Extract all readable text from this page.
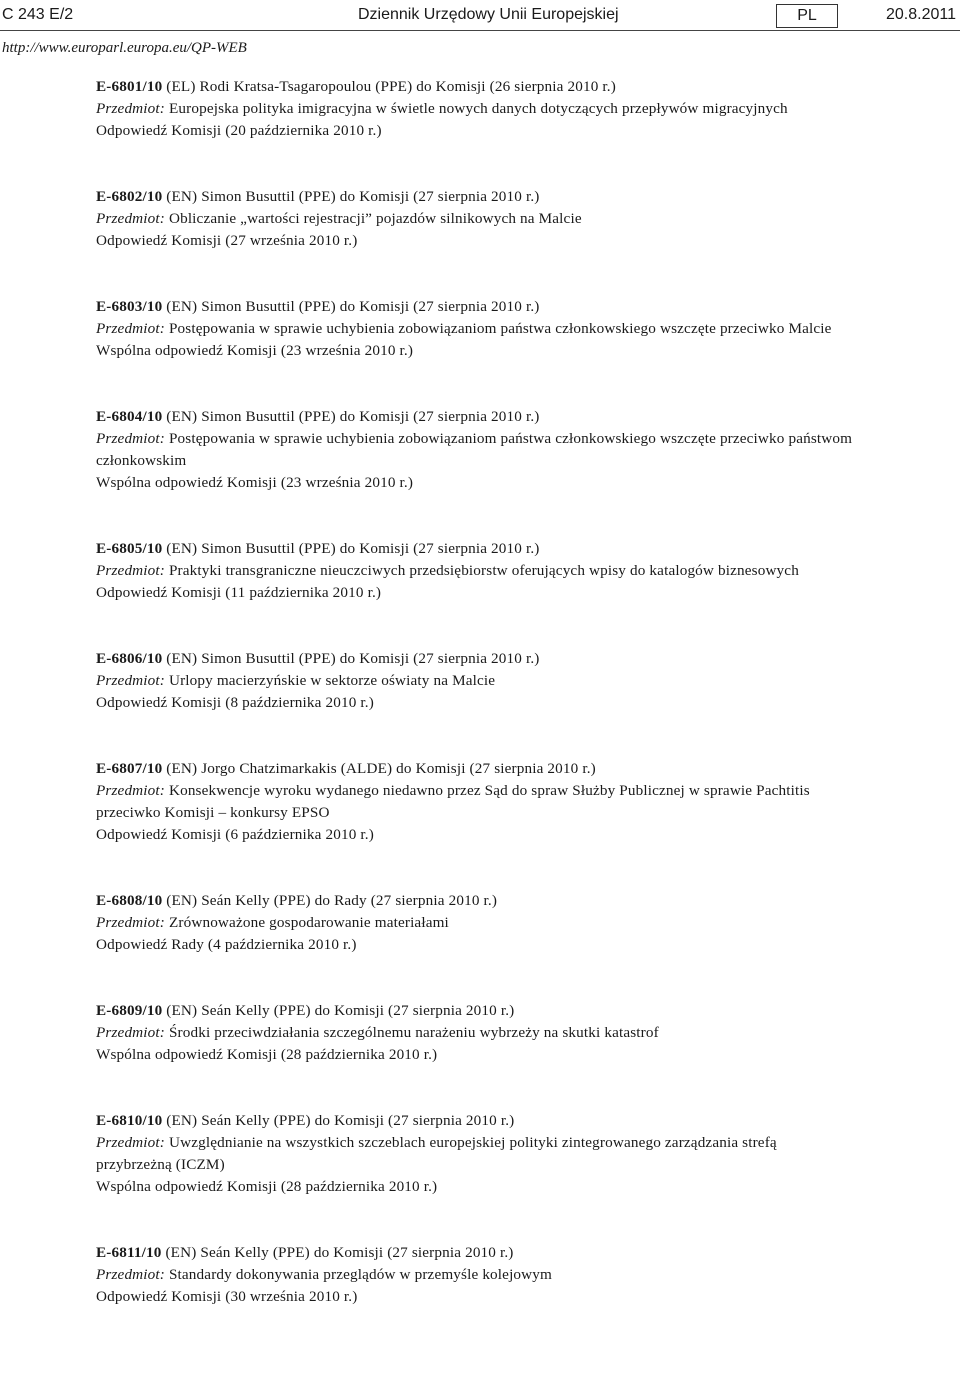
C 243 E/2	Dziennik Urzędowy Unii Europejskiej	PL	20.8.2011
http://www.europarl.europa.eu/QP-WEB

E-6801/10 (EL) Rodi Kratsa-Tsagaropoulou (PPE) do Komisji (26 sierpnia 2010 r.)

Przedmiot: Europejska polityka imigracyjna w świetle nowych danych dotyczących przepływów migracyjnych

Odpowiedź Komisji (20 października 2010 r.)

E-6802/10 (EN) Simon Busuttil (PPE) do Komisji (27 sierpnia 2010 r.)

Przedmiot: Obliczanie „wartości rejestracji” pojazdów silnikowych na Malcie

Odpowiedź Komisji (27 września 2010 r.)

E-6803/10 (EN) Simon Busuttil (PPE) do Komisji (27 sierpnia 2010 r.)

Przedmiot: Postępowania w sprawie uchybienia zobowiązaniom państwa członkowskiego wszczęte przeciwko Malcie

Wspólna odpowiedź Komisji (23 września 2010 r.)

E-6804/10 (EN) Simon Busuttil (PPE) do Komisji (27 sierpnia 2010 r.)

Przedmiot: Postępowania w sprawie uchybienia zobowiązaniom państwa członkowskiego wszczęte przeciwko państwom członkowskim

Wspólna odpowiedź Komisji (23 września 2010 r.)

E-6805/10 (EN) Simon Busuttil (PPE) do Komisji (27 sierpnia 2010 r.)

Przedmiot: Praktyki transgraniczne nieuczciwych przedsiębiorstw oferujących wpisy do katalogów biznesowych

Odpowiedź Komisji (11 października 2010 r.)

E-6806/10 (EN) Simon Busuttil (PPE) do Komisji (27 sierpnia 2010 r.)

Przedmiot: Urlopy macierzyńskie w sektorze oświaty na Malcie

Odpowiedź Komisji (8 października 2010 r.)

E-6807/10 (EN) Jorgo Chatzimarkakis (ALDE) do Komisji (27 sierpnia 2010 r.)

Przedmiot: Konsekwencje wyroku wydanego niedawno przez Sąd do spraw Służby Publicznej w sprawie Pachtitis przeciwko Komisji – konkursy EPSO

Odpowiedź Komisji (6 października 2010 r.)

E-6808/10 (EN) Seán Kelly (PPE) do Rady (27 sierpnia 2010 r.)

Przedmiot: Zrównoważone gospodarowanie materiałami

Odpowiedź Rady (4 października 2010 r.)

E-6809/10 (EN) Seán Kelly (PPE) do Komisji (27 sierpnia 2010 r.)

Przedmiot: Środki przeciwdziałania szczególnemu narażeniu wybrzeży na skutki katastrof

Wspólna odpowiedź Komisji (28 października 2010 r.)

E-6810/10 (EN) Seán Kelly (PPE) do Komisji (27 sierpnia 2010 r.)

Przedmiot: Uwzględnianie na wszystkich szczeblach europejskiej polityki zintegrowanego zarządzania strefą przybrzeżną (ICZM)

Wspólna odpowiedź Komisji (28 października 2010 r.)

E-6811/10 (EN) Seán Kelly (PPE) do Komisji (27 sierpnia 2010 r.)

Przedmiot: Standardy dokonywania przeglądów w przemyśle kolejowym

Odpowiedź Komisji (30 września 2010 r.)
